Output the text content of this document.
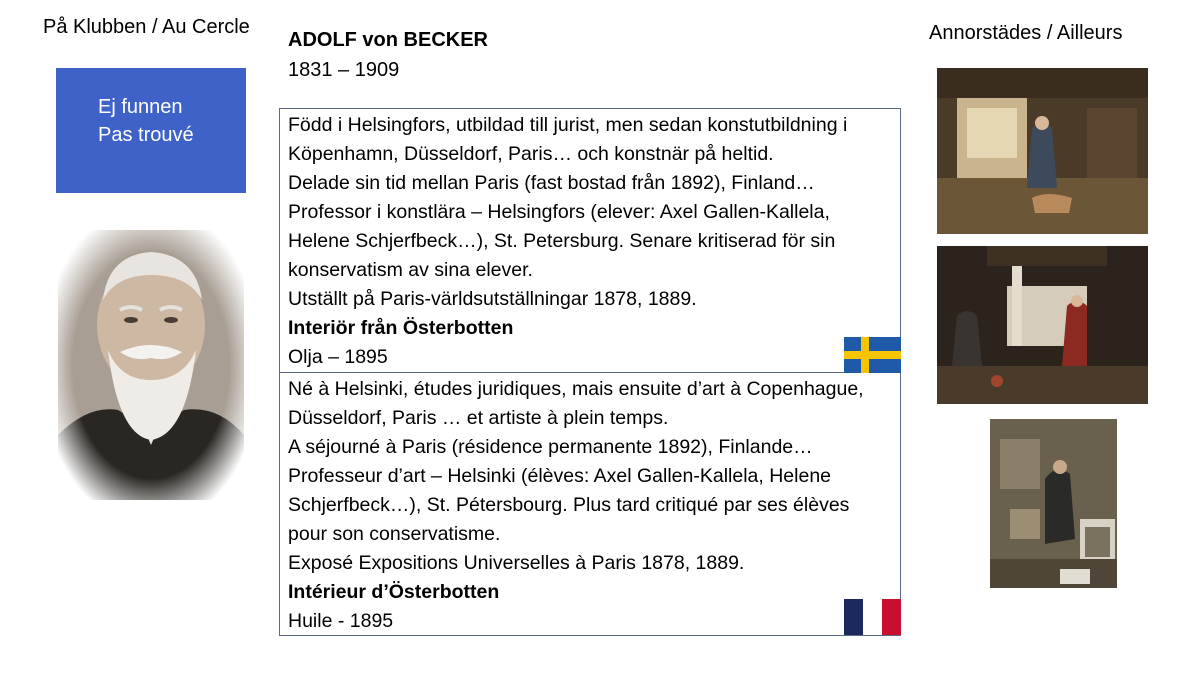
På Klubben / Au Cercle
Ej funnen
Pas trouvé
ADOLF von BECKER
1831 – 1909
Född i Helsingfors, utbildad till jurist, men sedan konstutbildning i
Köpenhamn, Düsseldorf, Paris… och konstnär på heltid.
Delade sin tid mellan Paris (fast bostad från 1892), Finland…
Professor i konstlära – Helsingfors (elever: Axel Gallen-Kallela,
Helene Schjerfbeck…), St. Petersburg. Senare kritiserad för sin
konservatism av sina elever.
Utställt på Paris-världsutställningar 1878, 1889.
Interiör från Österbotten
Olja – 1895
Né à Helsinki, études juridiques, mais ensuite d’art à Copenhague,
Düsseldorf, Paris … et artiste à plein temps.
A séjourné à Paris (résidence permanente 1892), Finlande…
Professeur d’art – Helsinki (élèves: Axel Gallen-Kallela, Helene
Schjerfbeck…), St. Pétersbourg. Plus tard critiqué par ses élèves
pour son conservatisme.
Exposé Expositions Universelles à Paris 1878, 1889.
Intérieur d’Österbotten
Huile - 1895
Annorstädes / Ailleurs
